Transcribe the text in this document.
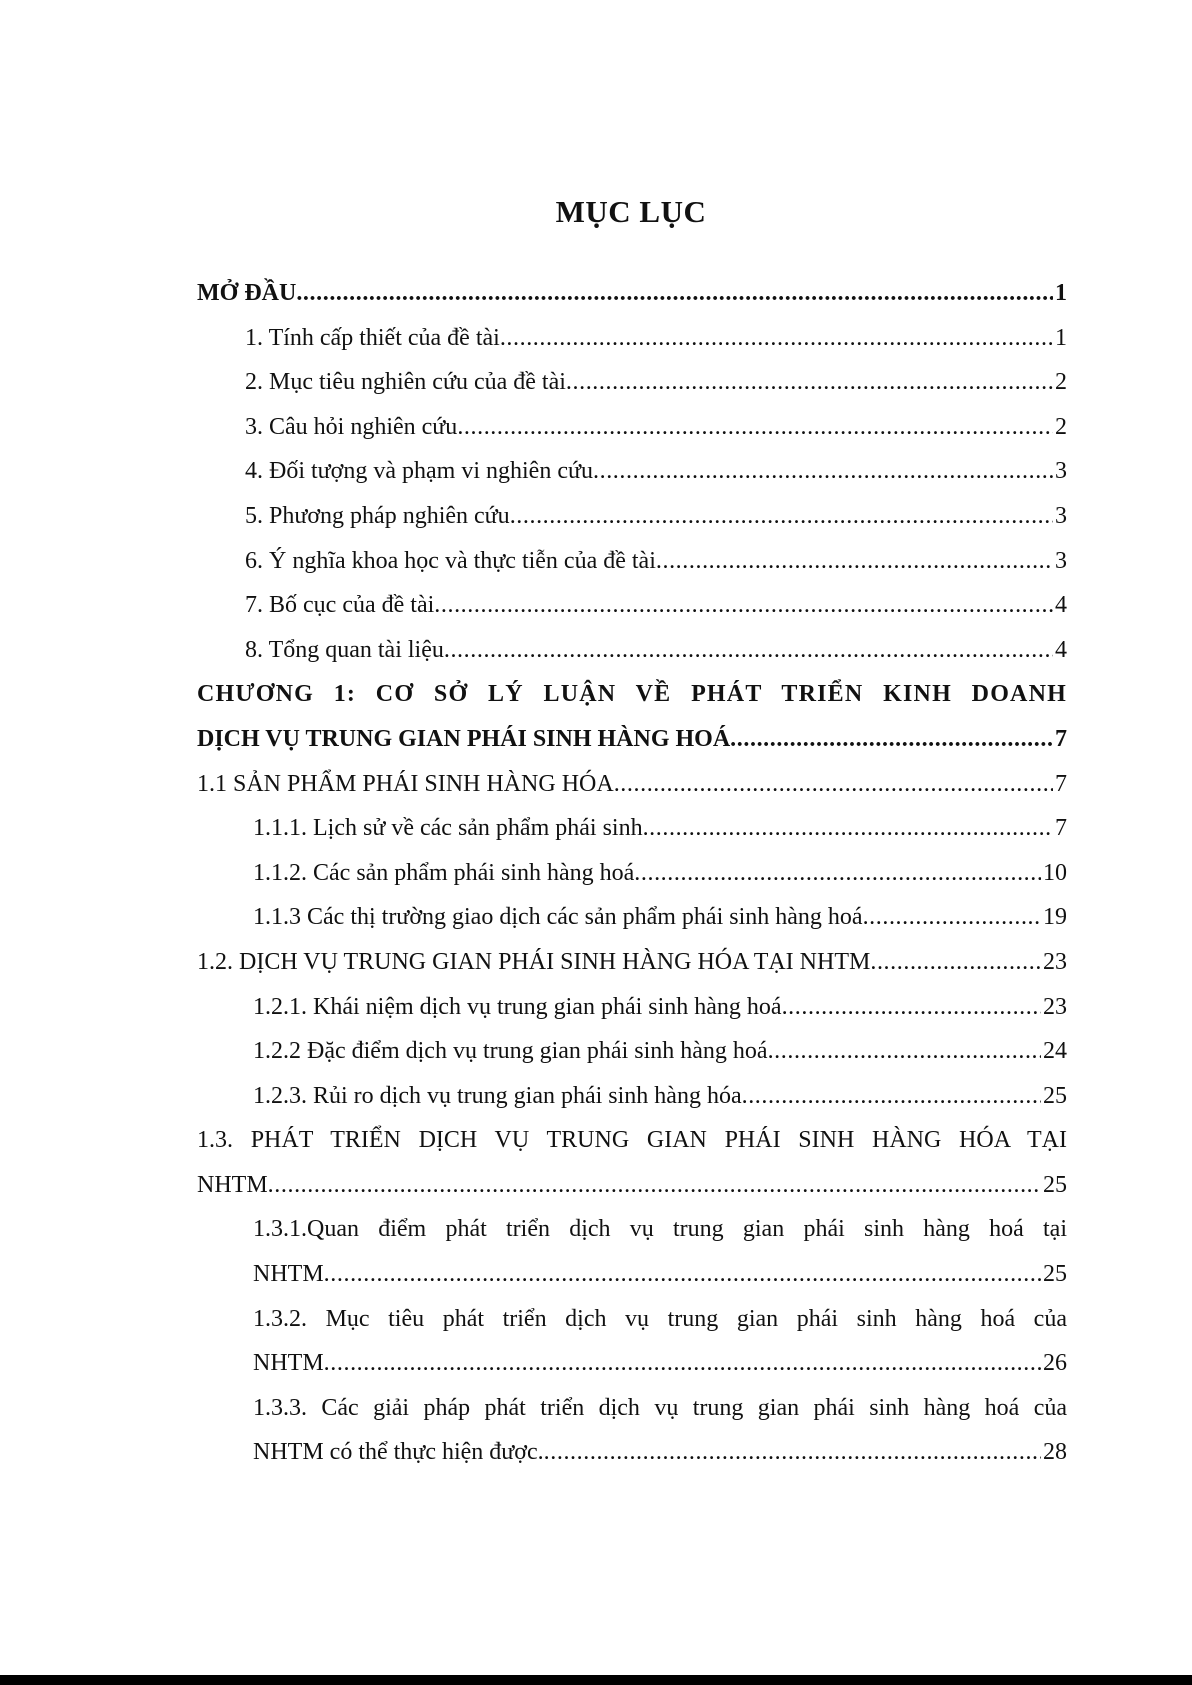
MỤC LỤC
MỞ ĐẦU .....	1
1. Tính cấp thiết của đề tài .....	1
2. Mục tiêu nghiên cứu của đề tài .....	2
3. Câu hỏi nghiên cứu .....	2
4. Đối tượng và phạm vi nghiên cứu .....	3
5. Phương pháp nghiên cứu .....	3
6. Ý nghĩa khoa học và thực tiễn của đề tài .....	3
7. Bố cục của đề tài .....	4
8. Tổng quan tài liệu .....	4
CHƯƠNG 1: CƠ SỞ LÝ LUẬN VỀ PHÁT TRIỂN KINH DOANH
DỊCH VỤ TRUNG GIAN PHÁI SINH HÀNG HOÁ .....	7
1.1 SẢN PHẨM PHÁI SINH HÀNG HÓA .....	7
1.1.1. Lịch sử về các sản phẩm phái sinh .....	7
1.1.2. Các sản phẩm phái sinh hàng hoá .....	10
1.1.3 Các thị trường giao dịch các sản phẩm phái sinh hàng hoá .....	19
1.2. DỊCH VỤ TRUNG GIAN PHÁI SINH HÀNG HÓA TẠI NHTM .....	23
1.2.1. Khái niệm dịch vụ trung gian phái sinh hàng hoá .....	23
1.2.2 Đặc điểm dịch vụ trung gian phái sinh hàng hoá .....	24
1.2.3. Rủi ro dịch vụ trung gian phái sinh hàng hóa .....	25
1.3. PHÁT TRIỂN DỊCH VỤ TRUNG GIAN PHÁI SINH HÀNG HÓA TẠI
NHTM .....	25
1.3.1.Quan điểm phát triển dịch vụ trung gian phái sinh hàng hoá tại
NHTM .....	25
1.3.2. Mục tiêu phát triển dịch vụ trung gian phái sinh hàng hoá của
NHTM .....	26
1.3.3. Các giải pháp phát triển dịch vụ trung gian phái sinh hàng hoá của
NHTM có thể thực hiện được. .....	28
